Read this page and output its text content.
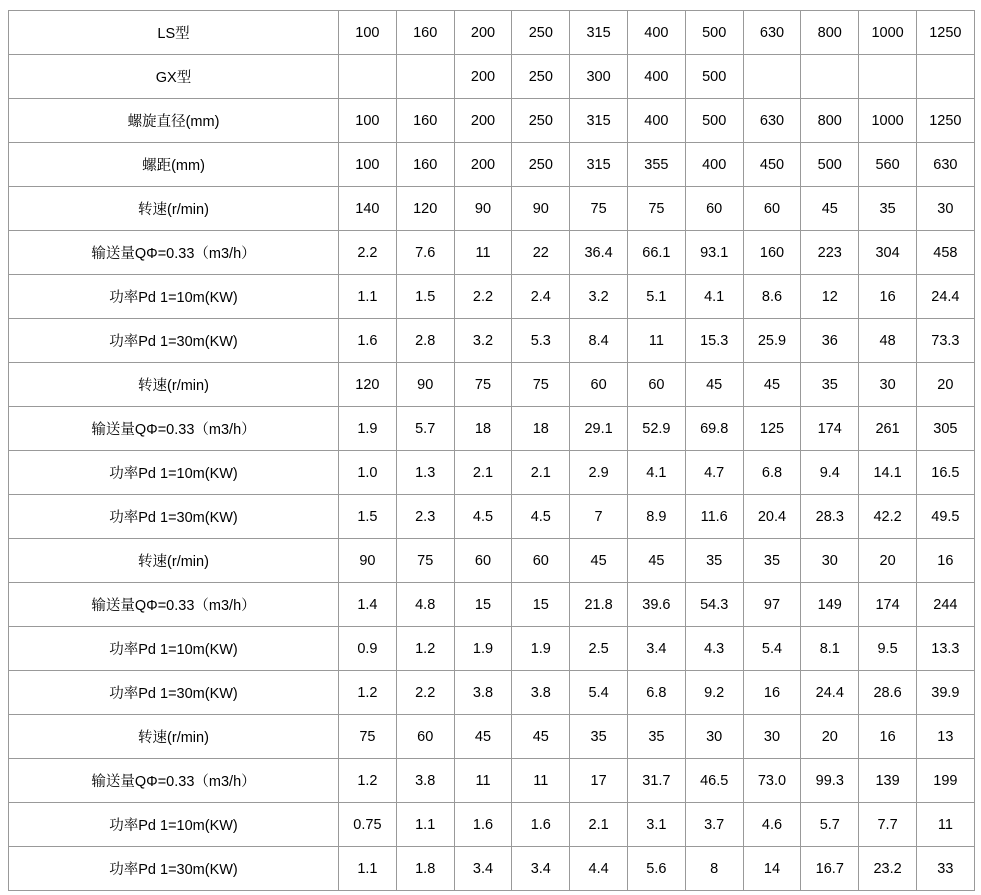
LS型	100	160	200	250	315	400	500	630	800	1000	1250
GX型			200	250	300	400	500				
螺旋直径(mm)	100	160	200	250	315	400	500	630	800	1000	1250
螺距(mm)	100	160	200	250	315	355	400	450	500	560	630
转速(r/min)	140	120	90	90	75	75	60	60	45	35	30
输送量QΦ=0.33（m3/h）	2.2	7.6	11	22	36.4	66.1	93.1	160	223	304	458
功率Pd 1=10m(KW)	1.1	1.5	2.2	2.4	3.2	5.1	4.1	8.6	12	16	24.4
功率Pd 1=30m(KW)	1.6	2.8	3.2	5.3	8.4	11	15.3	25.9	36	48	73.3
转速(r/min)	120	90	75	75	60	60	45	45	35	30	20
输送量QΦ=0.33（m3/h）	1.9	5.7	18	18	29.1	52.9	69.8	125	174	261	305
功率Pd 1=10m(KW)	1.0	1.3	2.1	2.1	2.9	4.1	4.7	6.8	9.4	14.1	16.5
功率Pd 1=30m(KW)	1.5	2.3	4.5	4.5	7	8.9	11.6	20.4	28.3	42.2	49.5
转速(r/min)	90	75	60	60	45	45	35	35	30	20	16
输送量QΦ=0.33（m3/h）	1.4	4.8	15	15	21.8	39.6	54.3	97	149	174	244
功率Pd 1=10m(KW)	0.9	1.2	1.9	1.9	2.5	3.4	4.3	5.4	8.1	9.5	13.3
功率Pd 1=30m(KW)	1.2	2.2	3.8	3.8	5.4	6.8	9.2	16	24.4	28.6	39.9
转速(r/min)	75	60	45	45	35	35	30	30	20	16	13
输送量QΦ=0.33（m3/h）	1.2	3.8	11	11	17	31.7	46.5	73.0	99.3	139	199
功率Pd 1=10m(KW)	0.75	1.1	1.6	1.6	2.1	3.1	3.7	4.6	5.7	7.7	11
功率Pd 1=30m(KW)	1.1	1.8	3.4	3.4	4.4	5.6	8	14	16.7	23.2	33
